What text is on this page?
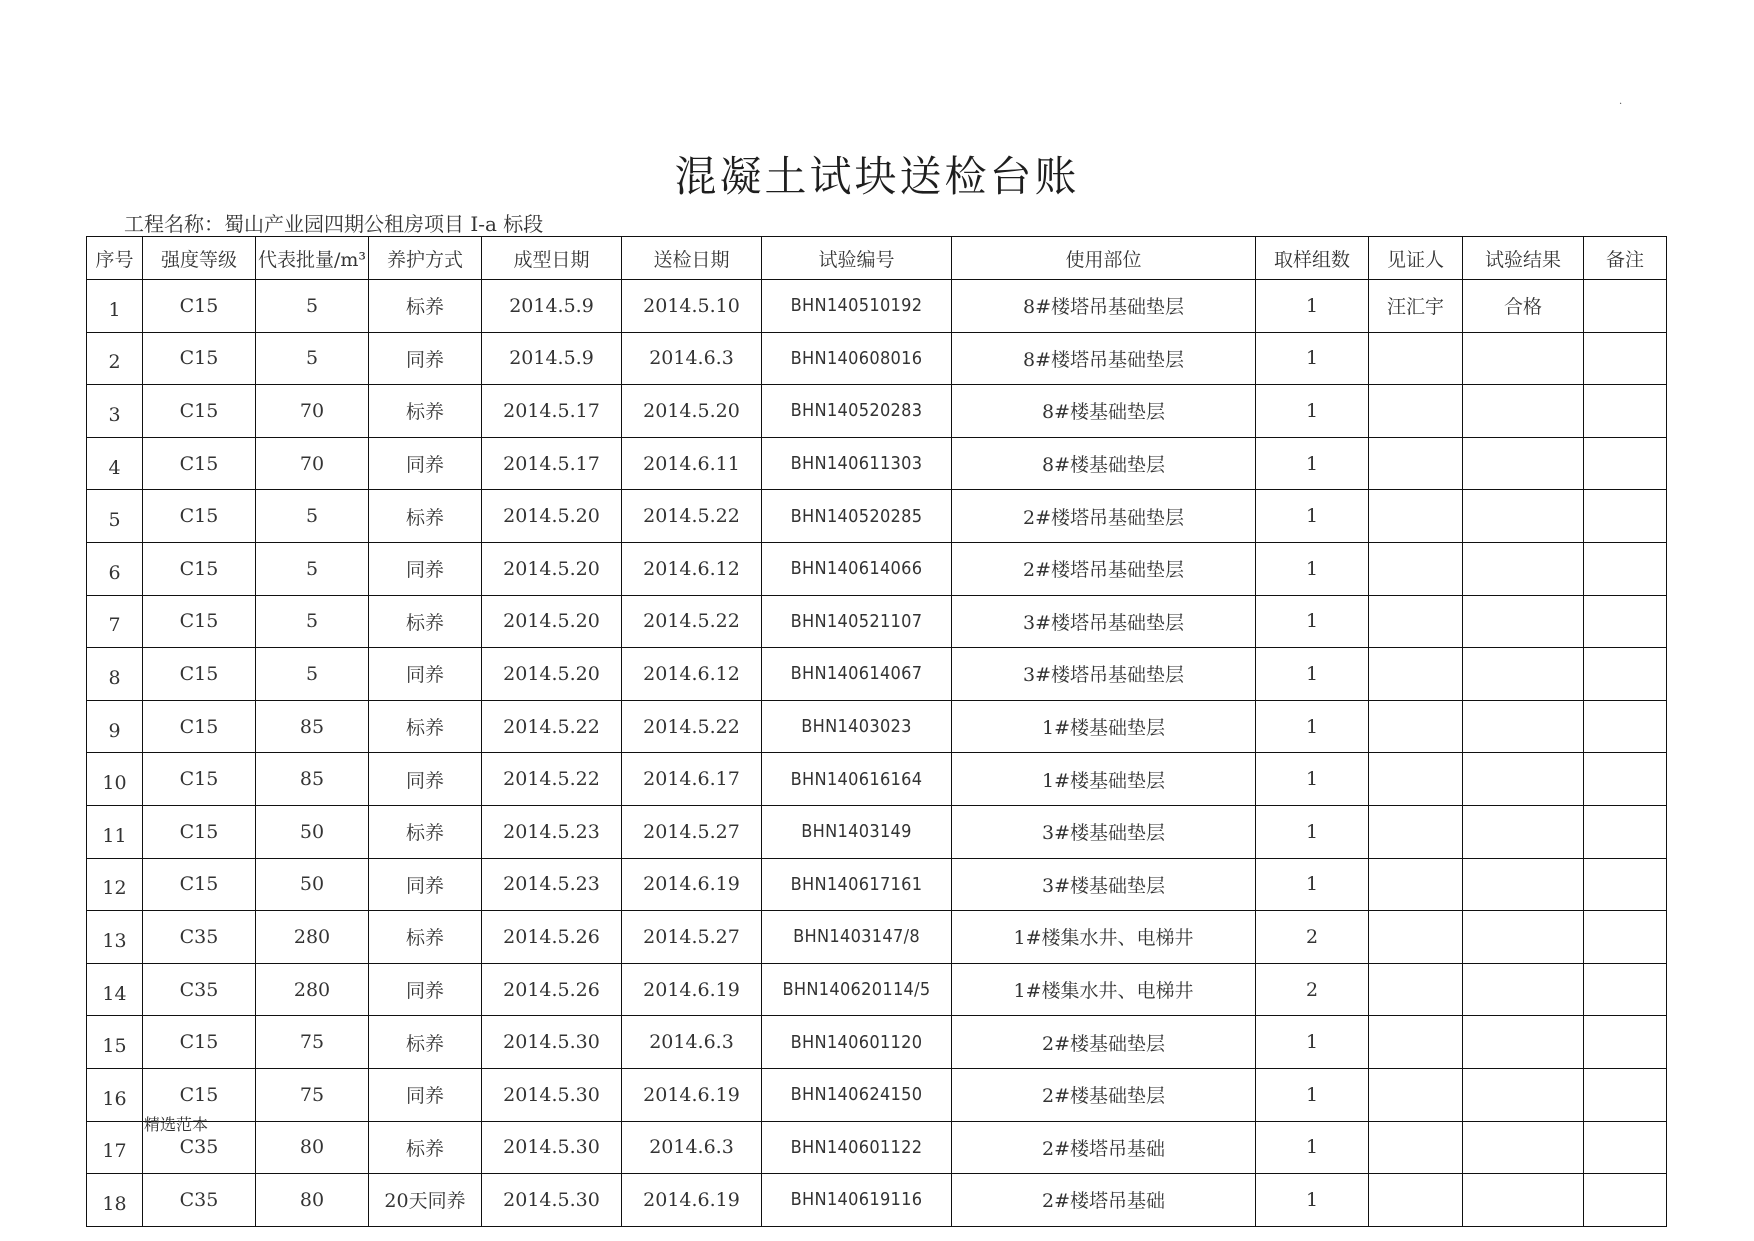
.
混凝土试块送检台账
工程名称：蜀山产业园四期公租房项目 I-a 标段
序号	强度等级	代表批量/m³	养护方式	成型日期	送检日期	试验编号	使用部位	取样组数	见证人	试验结果	备注
1	C15	5	标养	2014.5.9	2014.5.10	BHN140510192	8#楼塔吊基础垫层	1	汪汇宇	合格	
2	C15	5	同养	2014.5.9	2014.6.3	BHN140608016	8#楼塔吊基础垫层	1			
3	C15	70	标养	2014.5.17	2014.5.20	BHN140520283	8#楼基础垫层	1			
4	C15	70	同养	2014.5.17	2014.6.11	BHN140611303	8#楼基础垫层	1			
5	C15	5	标养	2014.5.20	2014.5.22	BHN140520285	2#楼塔吊基础垫层	1			
6	C15	5	同养	2014.5.20	2014.6.12	BHN140614066	2#楼塔吊基础垫层	1			
7	C15	5	标养	2014.5.20	2014.5.22	BHN140521107	3#楼塔吊基础垫层	1			
8	C15	5	同养	2014.5.20	2014.6.12	BHN140614067	3#楼塔吊基础垫层	1			
9	C15	85	标养	2014.5.22	2014.5.22	BHN1403023	1#楼基础垫层	1			
10	C15	85	同养	2014.5.22	2014.6.17	BHN140616164	1#楼基础垫层	1			
11	C15	50	标养	2014.5.23	2014.5.27	BHN1403149	3#楼基础垫层	1			
12	C15	50	同养	2014.5.23	2014.6.19	BHN140617161	3#楼基础垫层	1			
13	C35	280	标养	2014.5.26	2014.5.27	BHN1403147/8	1#楼集水井、电梯井	2			
14	C35	280	同养	2014.5.26	2014.6.19	BHN140620114/5	1#楼集水井、电梯井	2			
15	C15	75	标养	2014.5.30	2014.6.3	BHN140601120	2#楼基础垫层	1			
16	C15	75	同养	2014.5.30	2014.6.19	BHN140624150	2#楼基础垫层	1			
17	C35	80	标养	2014.5.30	2014.6.3	BHN140601122	2#楼塔吊基础	1			
18	C35	80	20天同养	2014.5.30	2014.6.19	BHN140619116	2#楼塔吊基础	1			
精选范本
